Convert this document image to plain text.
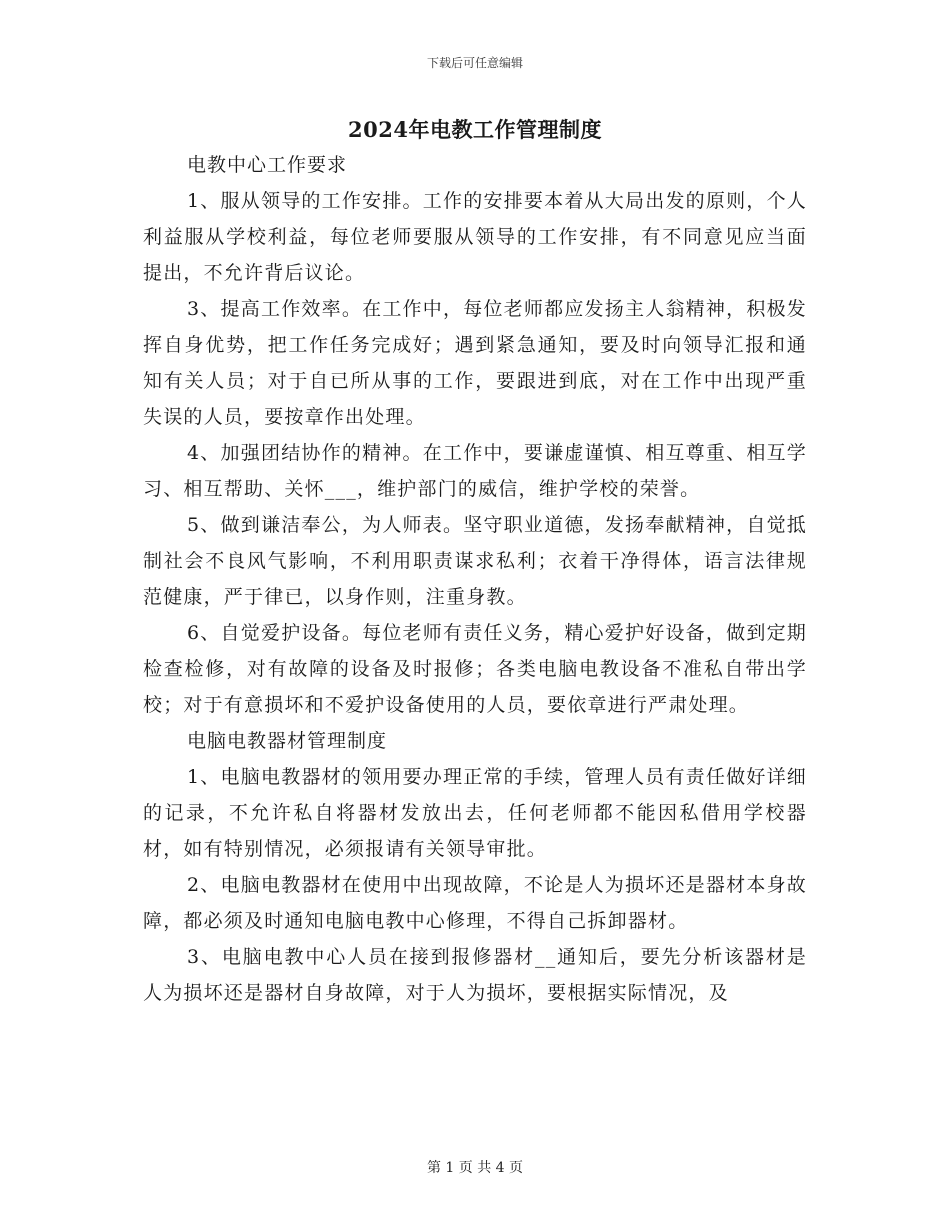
下载后可任意编辑
2024年电教工作管理制度

电教中心工作要求

1、服从领导的工作安排。工作的安排要本着从大局出发的原则，个人利益服从学校利益，每位老师要服从领导的工作安排，有不同意见应当面提出，不允许背后议论。

3、提高工作效率。在工作中，每位老师都应发扬主人翁精神，积极发挥自身优势，把工作任务完成好；遇到紧急通知，要及时向领导汇报和通知有关人员；对于自已所从事的工作，要跟进到底，对在工作中出现严重失误的人员，要按章作出处理。

4、加强团结协作的精神。在工作中，要谦虚谨慎、相互尊重、相互学习、相互帮助、关怀___，维护部门的威信，维护学校的荣誉。

5、做到谦洁奉公，为人师表。坚守职业道德，发扬奉献精神，自觉抵制社会不良风气影响，不利用职责谋求私利；衣着干净得体，语言法律规范健康，严于律已，以身作则，注重身教。

6、自觉爱护设备。每位老师有责任义务，精心爱护好设备，做到定期检查检修，对有故障的设备及时报修；各类电脑电教设备不准私自带出学校；对于有意损坏和不爱护设备使用的人员，要依章进行严肃处理。

电脑电教器材管理制度

1、电脑电教器材的领用要办理正常的手续，管理人员有责任做好详细的记录，不允许私自将器材发放出去，任何老师都不能因私借用学校器材，如有特别情况，必须报请有关领导审批。

2、电脑电教器材在使用中出现故障，不论是人为损坏还是器材本身故障，都必须及时通知电脑电教中心修理，不得自己拆卸器材。

3、电脑电教中心人员在接到报修器材__通知后，要先分析该器材是人为损坏还是器材自身故障，对于人为损坏，要根据实际情况，及

第 1 页 共 4 页
